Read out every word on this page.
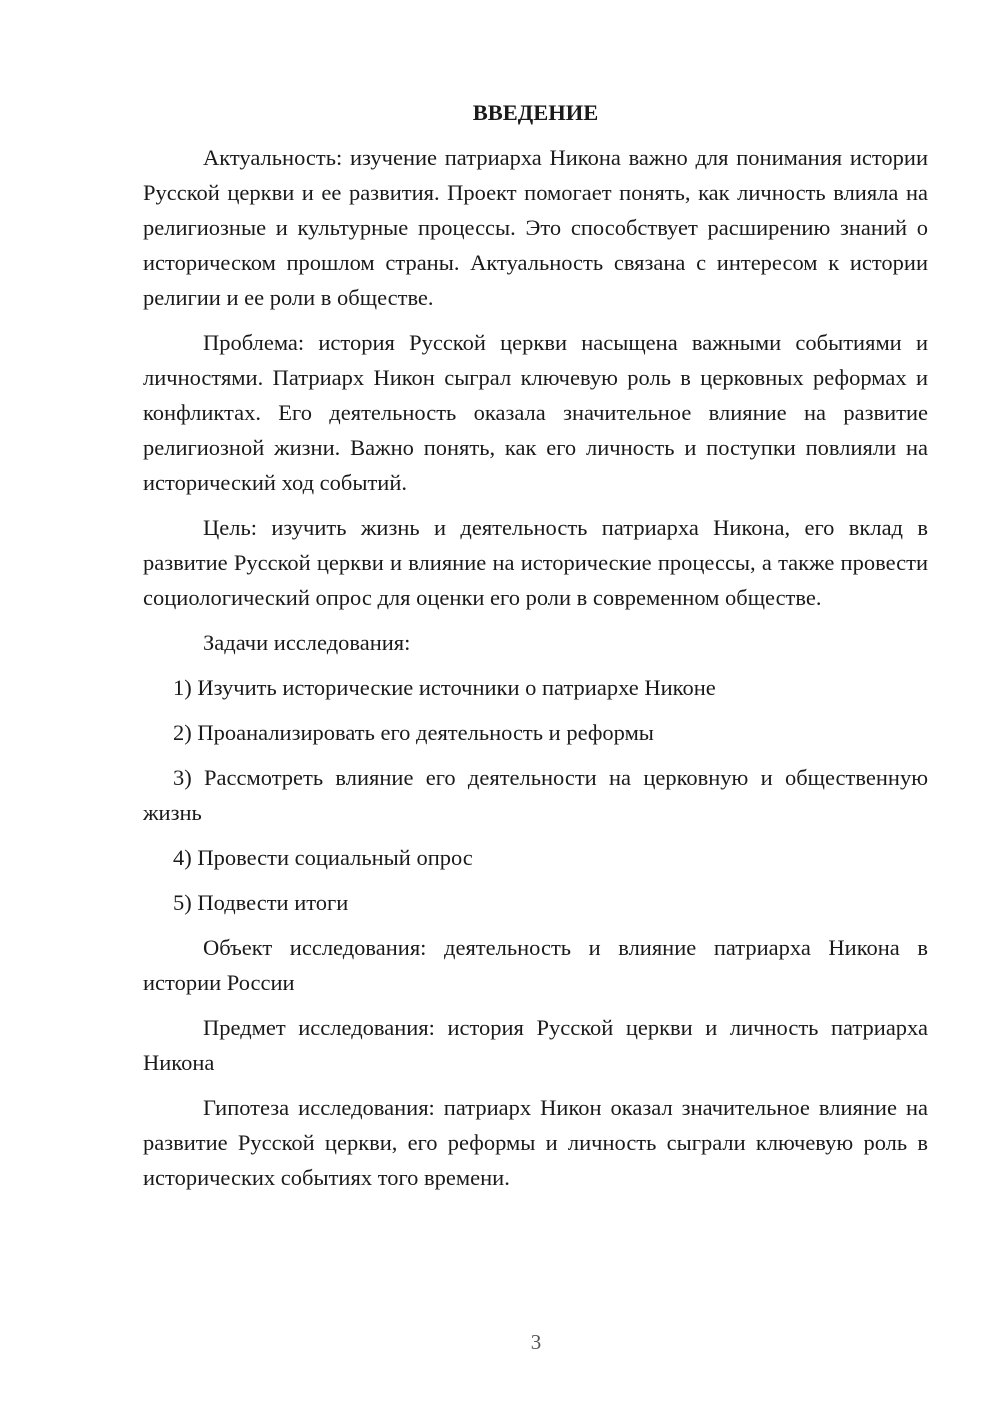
ВВЕДЕНИЕ

Актуальность: изучение патриарха Никона важно для понимания истории Русской церкви и ее развития. Проект помогает понять, как личность влияла на религиозные и культурные процессы. Это способствует расширению знаний о историческом прошлом страны. Актуальность связана с интересом к истории религии и ее роли в обществе.

Проблема: история Русской церкви насыщена важными событиями и личностями. Патриарх Никон сыграл ключевую роль в церковных реформах и конфликтах. Его деятельность оказала значительное влияние на развитие религиозной жизни. Важно понять, как его личность и поступки повлияли на исторический ход событий.

Цель: изучить жизнь и деятельность патриарха Никона, его вклад в развитие Русской церкви и влияние на исторические процессы, а также провести социологический опрос для оценки его роли в современном обществе.

Задачи исследования:

1) Изучить исторические источники о патриархе Никоне

2) Проанализировать его деятельность и реформы

3) Рассмотреть влияние его деятельности на церковную и общественную жизнь

4) Провести социальный опрос

5) Подвести итоги

Объект исследования: деятельность и влияние патриарха Никона в истории России

Предмет исследования: история Русской церкви и личность патриарха Никона

Гипотеза исследования: патриарх Никон оказал значительное влияние на развитие Русской церкви, его реформы и личность сыграли ключевую роль в исторических событиях того времени.

3
